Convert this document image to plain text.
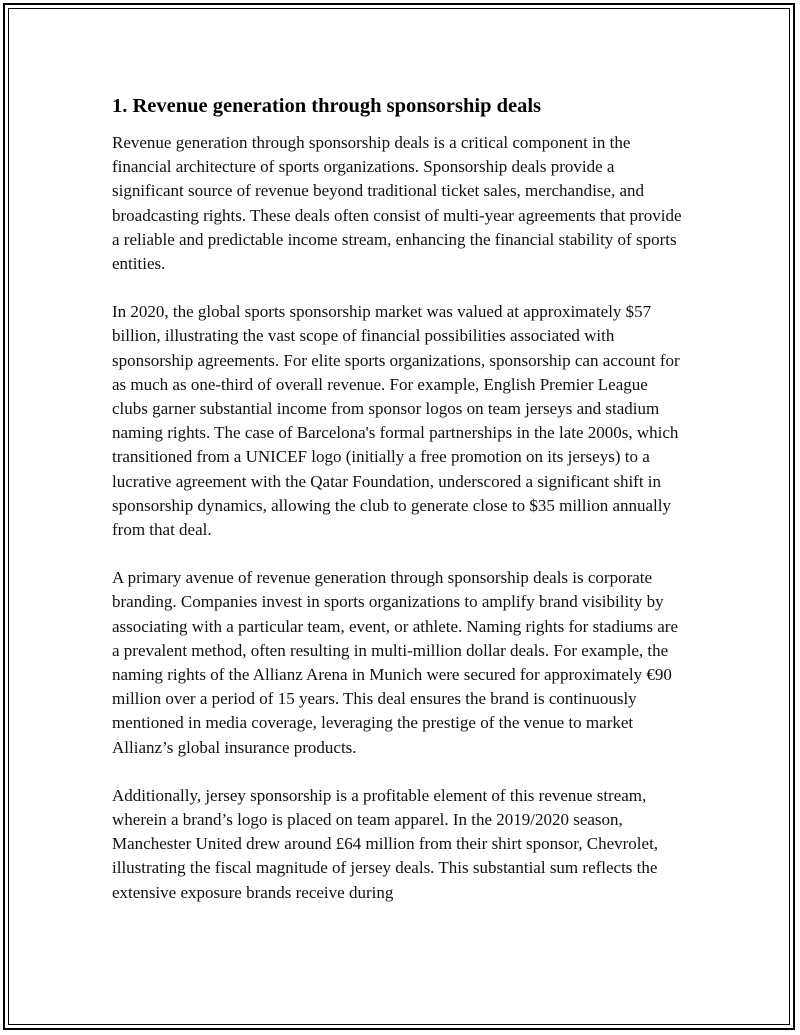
1. Revenue generation through sponsorship deals

Revenue generation through sponsorship deals is a critical component in the financial architecture of sports organizations. Sponsorship deals provide a significant source of revenue beyond traditional ticket sales, merchandise, and broadcasting rights. These deals often consist of multi-year agreements that provide a reliable and predictable income stream, enhancing the financial stability of sports entities.

In 2020, the global sports sponsorship market was valued at approximately $57 billion, illustrating the vast scope of financial possibilities associated with sponsorship agreements. For elite sports organizations, sponsorship can account for as much as one-third of overall revenue. For example, English Premier League clubs garner substantial income from sponsor logos on team jerseys and stadium naming rights. The case of Barcelona's formal partnerships in the late 2000s, which transitioned from a UNICEF logo (initially a free promotion on its jerseys) to a lucrative agreement with the Qatar Foundation, underscored a significant shift in sponsorship dynamics, allowing the club to generate close to $35 million annually from that deal.

A primary avenue of revenue generation through sponsorship deals is corporate branding. Companies invest in sports organizations to amplify brand visibility by associating with a particular team, event, or athlete. Naming rights for stadiums are a prevalent method, often resulting in multi-million dollar deals. For example, the naming rights of the Allianz Arena in Munich were secured for approximately €90 million over a period of 15 years. This deal ensures the brand is continuously mentioned in media coverage, leveraging the prestige of the venue to market Allianz’s global insurance products.

Additionally, jersey sponsorship is a profitable element of this revenue stream, wherein a brand’s logo is placed on team apparel. In the 2019/2020 season, Manchester United drew around £64 million from their shirt sponsor, Chevrolet, illustrating the fiscal magnitude of jersey deals. This substantial sum reflects the extensive exposure brands receive during
